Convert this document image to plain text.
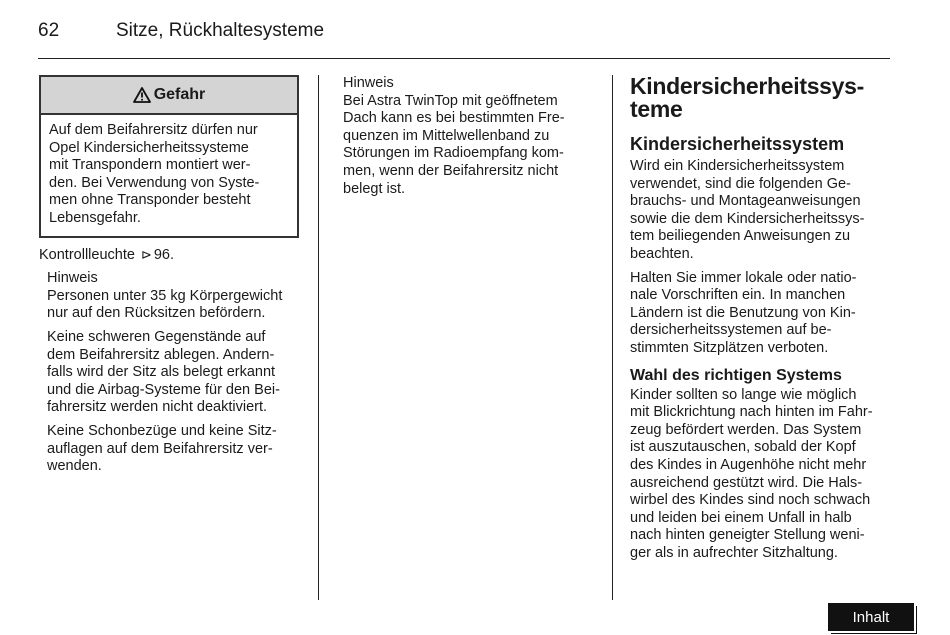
62	Sitze, Rückhaltesysteme
Gefahr
Auf dem Beifahrersitz dürfen nur
Opel Kindersicherheitssysteme
mit Transpondern montiert wer-
den. Bei Verwendung von Syste-
men ohne Transponder besteht
Lebensgefahr.
Kontrollleuchte ⊳ 96.
Hinweis

Personen unter 35 kg Körpergewicht
nur auf den Rücksitzen befördern.

Keine schweren Gegenstände auf
dem Beifahrersitz ablegen. Andern-
falls wird der Sitz als belegt erkannt
und die Airbag-Systeme für den Bei-
fahrersitz werden nicht deaktiviert.

Keine Schonbezüge und keine Sitz-
auflagen auf dem Beifahrersitz ver-
wenden.

Hinweis
Bei Astra TwinTop mit geöffnetem
Dach kann es bei bestimmten Fre-
quenzen im Mittelwellenband zu
Störungen im Radioempfang kom-
men, wenn der Beifahrersitz nicht
belegt ist.
Kindersicherheitssys-
teme
Kindersicherheitssystem

Wird ein Kindersicherheitssystem
verwendet, sind die folgenden Ge-
brauchs- und Montageanweisungen
sowie die dem Kindersicherheitssys-
tem beiliegenden Anweisungen zu
beachten.

Halten Sie immer lokale oder natio-
nale Vorschriften ein. In manchen
Ländern ist die Benutzung von Kin-
dersicherheitssystemen auf be-
stimmten Sitzplätzen verboten.

Wahl des richtigen Systems

Kinder sollten so lange wie möglich
mit Blickrichtung nach hinten im Fahr-
zeug befördert werden. Das System
ist auszutauschen, sobald der Kopf
des Kindes in Augenhöhe nicht mehr
ausreichend gestützt wird. Die Hals-
wirbel des Kindes sind noch schwach
und leiden bei einem Unfall in halb
nach hinten geneigter Stellung weni-
ger als in aufrechter Sitzhaltung.

Inhalt
